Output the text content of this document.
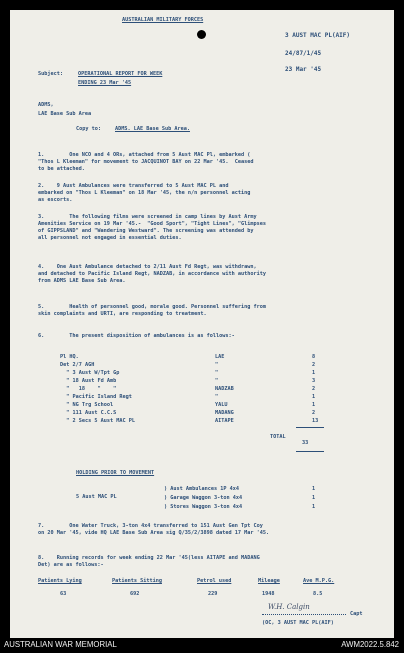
AUSTRALIAN MILITARY FORCES
3 AUST MAC PL(AIF)
24/87/1/45
23 Mar '45
Subject:	OPERATIONAL REPORT FOR WEEK
ENDING 23 Mar '45
ADMS,
LAE Base Sub Area
Copy to:	ADMS. LAE Base Sub Area.
1.        One NCO and 4 ORs, attached from 5 Aust MAC Pl, embarked (
"Thos L Kleeman" for movement to JACQUINOT BAY on 22 Mar '45.  Ceased
to be attached.
2.    9 Aust Ambulances were transferred to 5 Aust MAC PL and
embarked on "Thos L Kleeman" on 18 Mar '45, the n/n personnel acting
as escorts.
3.        The following films were screened in camp lines by Aust Army
Amenities Service on 19 Mar '45.-  "Good Sport", "Tight Lines", "Glimpses
of GIPPSLAND" and "Wandering Westward". The screening was attended by
all personnel not engaged in essential duties.
4.    One Aust Ambulance detached to 2/11 Aust Fd Regt, was withdrawn,
and detached to Pacific Island Regt, NADZAB, in accordance with authority
from ADMS LAE Base Sub Area.
5.        Health of personnel good, morale good. Personnel suffering from
skin complaints and URTI, are responding to treatment.
6.        The present disposition of ambulances is as follows:-
Pl HQ.	LAE	8
Det 2/7 AGH	"	2
" 3 Aust W/Tpt Gp	"	1
" 18 Aust Fd Amb	"	3
"   18    "    "	NADZAB	2
" Pacific Island Regt	"	1
" NG Trg School	YALU	1
" 111 Aust C.C.S	MADANG	2
" 2 Secs 5 Aust MAC PL	AITAPE	13
TOTAL
33
HOLDING PRIOR TO MOVEMENT
5 Aust MAC PL
) Aust Ambulances 1P 4x4	1
) Garage Waggon 3-ton 4x4	1
) Stores Waggon 3-ton 4x4	1
7.        One Water Truck, 3-ton 4x4 transferred to 151 Aust Gen Tpt Coy
on 20 Mar '45, vide HQ LAE Base Sub Area sig Q/35/2/3898 dated 17 Mar '45.
8.    Running records for week ending 22 Mar '45(less AITAPE and MADANG
Det) are as follows:-
Patients Lying	Patients Sitting	Petrol used	Mileage	Ave M.P.G.
63	692	229	1948	8.5
W.H. Calgin
Capt
(OC, 3 AUST MAC PL(AIF)
AUSTRALIAN WAR MEMORIAL	AWM2022.5.842
